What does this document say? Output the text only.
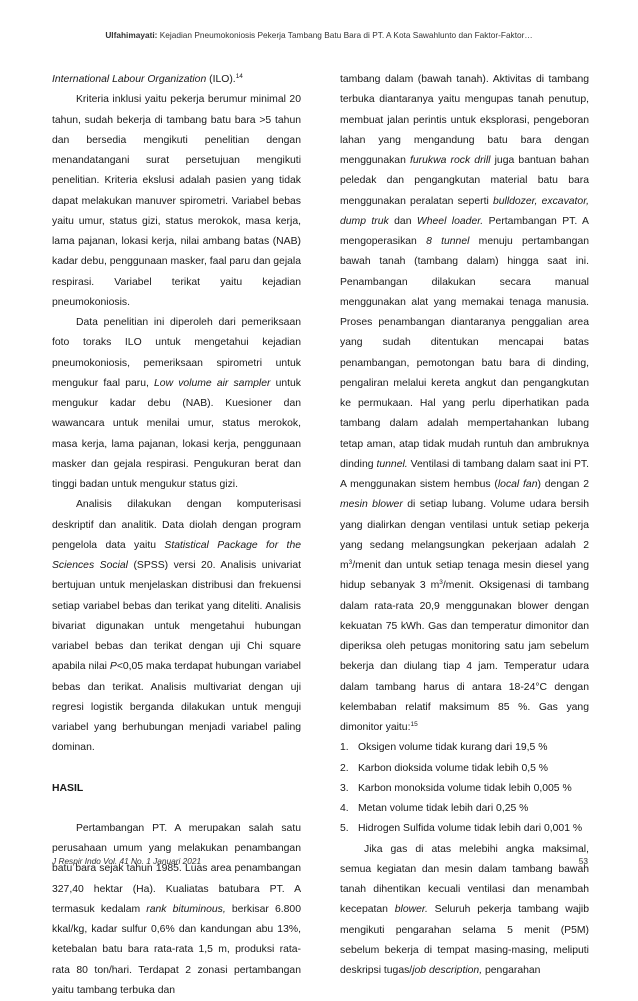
Ulfahimayati: Kejadian Pneumokoniosis Pekerja Tambang Batu Bara di PT. A Kota Sawahlunto dan Faktor-Faktor…

International Labour Organization (ILO).$^{14}$

Kriteria inklusi yaitu pekerja berumur minimal 20 tahun, sudah bekerja di tambang batu bara >5 tahun dan bersedia mengikuti penelitian dengan menandatangani surat persetujuan mengikuti penelitian. Kriteria ekslusi adalah pasien yang tidak dapat melakukan manuver spirometri. Variabel bebas yaitu umur, status gizi, status merokok, masa kerja, lama pajanan, lokasi kerja, nilai ambang batas (NAB) kadar debu, penggunaan masker, faal paru dan gejala respirasi. Variabel terikat yaitu kejadian pneumokoniosis.

Data penelitian ini diperoleh dari pemeriksaan foto toraks ILO untuk mengetahui kejadian pneumokoniosis, pemeriksaan spirometri untuk mengukur faal paru, Low volume air sampler untuk mengukur kadar debu (NAB). Kuesioner dan wawancara untuk menilai umur, status merokok, masa kerja, lama pajanan, lokasi kerja, penggunaan masker dan gejala respirasi. Pengukuran berat dan tinggi badan untuk mengukur status gizi.

Analisis dilakukan dengan komputerisasi deskriptif dan analitik. Data diolah dengan program pengelola data yaitu Statistical Package for the Sciences Social (SPSS) versi 20. Analisis univariat bertujuan untuk menjelaskan distribusi dan frekuensi setiap variabel bebas dan terikat yang diteliti. Analisis bivariat digunakan untuk mengetahui hubungan variabel bebas dan terikat dengan uji Chi square apabila nilai P<0,05 maka terdapat hubungan variabel bebas dan terikat. Analisis multivariat dengan uji regresi logistik berganda dilakukan untuk menguji variabel yang berhubungan menjadi variabel paling dominan.

HASIL

Pertambangan PT. A merupakan salah satu perusahaan umum yang melakukan penambangan batu bara sejak tahun 1985. Luas area penambangan 327,40 hektar (Ha). Kualiatas batubara PT. A termasuk kedalam rank bituminous, berkisar 6.800 kkal/kg, kadar sulfur 0,6% dan kandungan abu 13%, ketebalan batu bara rata-rata 1,5 m, produksi rata-rata 80 ton/hari. Terdapat 2 zonasi pertambangan yaitu tambang terbuka dan

tambang dalam (bawah tanah). Aktivitas di tambang terbuka diantaranya yaitu mengupas tanah penutup, membuat jalan perintis untuk eksplorasi, pengeboran lahan yang mengandung batu bara dengan menggunakan furukwa rock drill juga bantuan bahan peledak dan pengangkutan material batu bara menggunakan peralatan seperti bulldozer, excavator, dump truk dan Wheel loader. Pertambangan PT. A mengoperasikan 8 tunnel menuju pertambangan bawah tanah (tambang dalam) hingga saat ini. Penambangan dilakukan secara manual menggunakan alat yang memakai tenaga manusia. Proses penambangan diantaranya penggalian area yang sudah ditentukan mencapai batas penambangan, pemotongan batu bara di dinding, pengaliran melalui kereta angkut dan pengangkutan ke permukaan. Hal yang perlu diperhatikan pada tambang dalam adalah mempertahankan lubang tetap aman, atap tidak mudah runtuh dan ambruknya dinding tunnel. Ventilasi di tambang dalam saat ini PT. A menggunakan sistem hembus (local fan) dengan 2 mesin blower di setiap lubang. Volume udara bersih yang dialirkan dengan ventilasi untuk setiap pekerja yang sedang melangsungkan pekerjaan adalah 2 $m^3$/menit dan untuk setiap tenaga mesin diesel yang hidup sebanyak 3 $m^3$/menit. Oksigenasi di tambang dalam rata-rata 20,9 menggunakan blower dengan kekuatan 75 kWh. Gas dan temperatur dimonitor dan diperiksa oleh petugas monitoring satu jam sebelum bekerja dan diulang tiap 4 jam. Temperatur udara dalam tambang harus di antara 18-24°C dengan kelembaban relatif maksimum 85 %. Gas yang dimonitor yaitu:$^{15}$

1. Oksigen volume tidak kurang dari 19,5 %
2. Karbon dioksida volume tidak lebih 0,5 %
3. Karbon monoksida volume tidak lebih 0,005 %
4. Metan volume tidak lebih dari 0,25 %
5. Hidrogen Sulfida volume tidak lebih dari 0,001 %

Jika gas di atas melebihi angka maksimal, semua kegiatan dan mesin dalam tambang bawah tanah dihentikan kecuali ventilasi dan menambah kecepatan blower. Seluruh pekerja tambang wajib mengikuti pengarahan selama 5 menit (P5M) sebelum bekerja di tempat masing-masing, meliputi deskripsi tugas/job description, pengarahan

J Respir Indo Vol. 41 No. 1 Januari 2021	53
